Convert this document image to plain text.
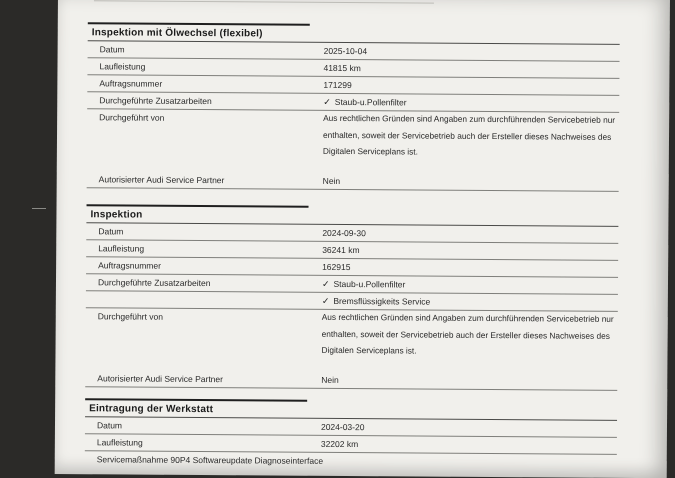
Inspektion mit Ölwechsel (flexibel)
Datum	2025-10-04
Laufleistung	41815 km
Auftragsnummer	171299
Durchgeführte Zusatzarbeiten	✓ Staub-u.Pollenfilter
Durchgeführt von	Aus rechtlichen Gründen sind Angaben zum durchführenden Servicebetrieb nur enthalten, soweit der Servicebetrieb auch der Ersteller dieses Nachweises des Digitalen Serviceplans ist.
Autorisierter Audi Service Partner	Nein
Inspektion
Datum	2024-09-30
Laufleistung	36241 km
Auftragsnummer	162915
Durchgeführte Zusatzarbeiten	✓ Staub-u.Pollenfilter
✓ Bremsflüssigkeits Service
Durchgeführt von	Aus rechtlichen Gründen sind Angaben zum durchführenden Servicebetrieb nur enthalten, soweit der Servicebetrieb auch der Ersteller dieses Nachweises des Digitalen Serviceplans ist.
Autorisierter Audi Service Partner	Nein
Eintragung der Werkstatt
Datum	2024-03-20
Laufleistung	32202 km
Servicemaßnahme 90P4 Softwareupdate Diagnoseinterface
